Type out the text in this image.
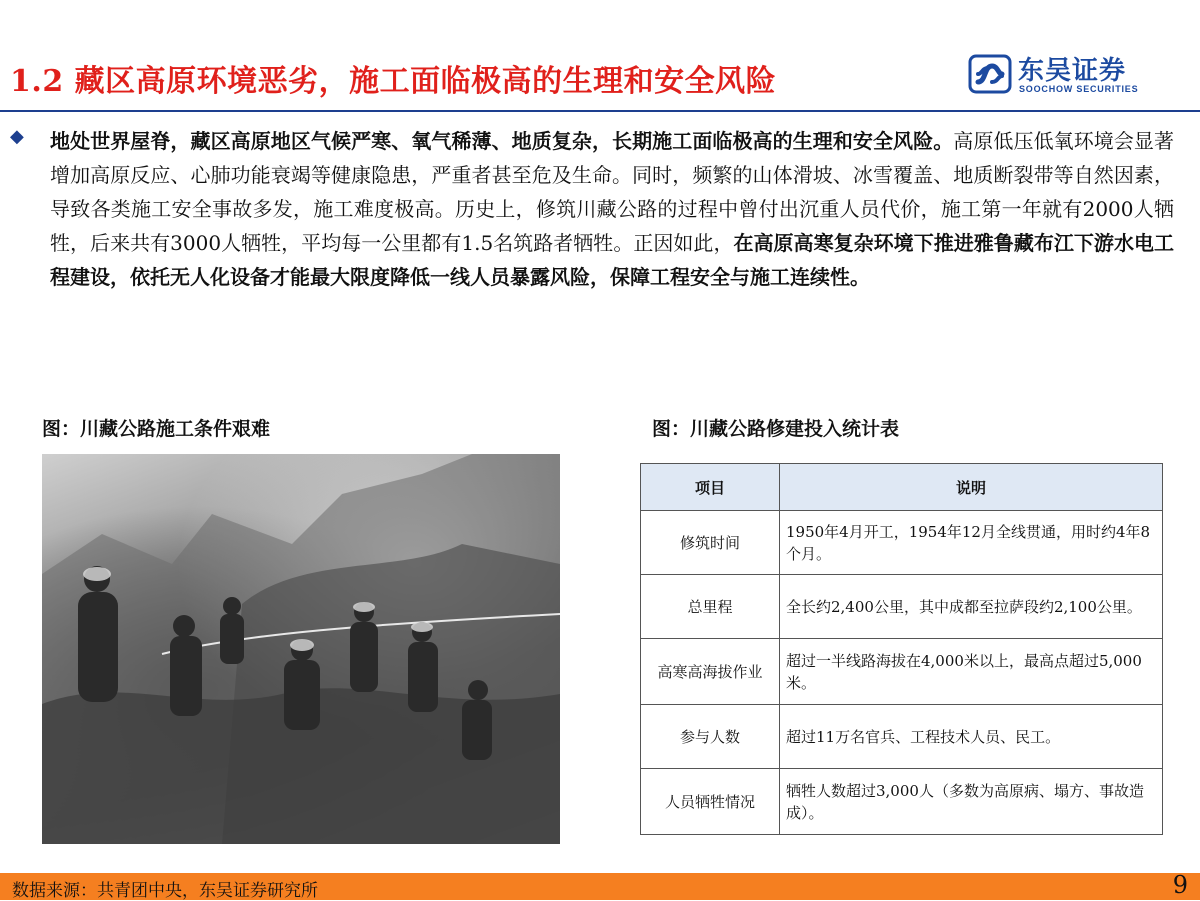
1.2 藏区高原环境恶劣，施工面临极高的生理和安全风险	东吴证券
SOOCHOW SECURITIES
◆ 地处世界屋脊，藏区高原地区气候严寒、氧气稀薄、地质复杂，长期施工面临极高的生理和安全风险。高原低压低氧环境会显著增加高原反应、心肺功能衰竭等健康隐患，严重者甚至危及生命。同时，频繁的山体滑坡、冰雪覆盖、地质断裂带等自然因素，导致各类施工安全事故多发，施工难度极高。历史上，修筑川藏公路的过程中曾付出沉重人员代价，施工第一年就有2000人牺牲，后来共有3000人牺牲，平均每一公里都有1.5名筑路者牺牲。正因如此，在高原高寒复杂环境下推进雅鲁藏布江下游水电工程建设，依托无人化设备才能最大限度降低一线人员暴露风险，保障工程安全与施工连续性。
图：川藏公路施工条件艰难	图：川藏公路修建投入统计表
项目	说明
修筑时间	1950年4月开工，1954年12月全线贯通，用时约4年8个月。
总里程	全长约2,400公里，其中成都至拉萨段约2,100公里。
高寒高海拔作业	超过一半线路海拔在4,000米以上，最高点超过5,000米。
参与人数	超过11万名官兵、工程技术人员、民工。
人员牺牲情况	牺牲人数超过3,000人（多数为高原病、塌方、事故造成）。
数据来源：共青团中央，东吴证券研究所	9
